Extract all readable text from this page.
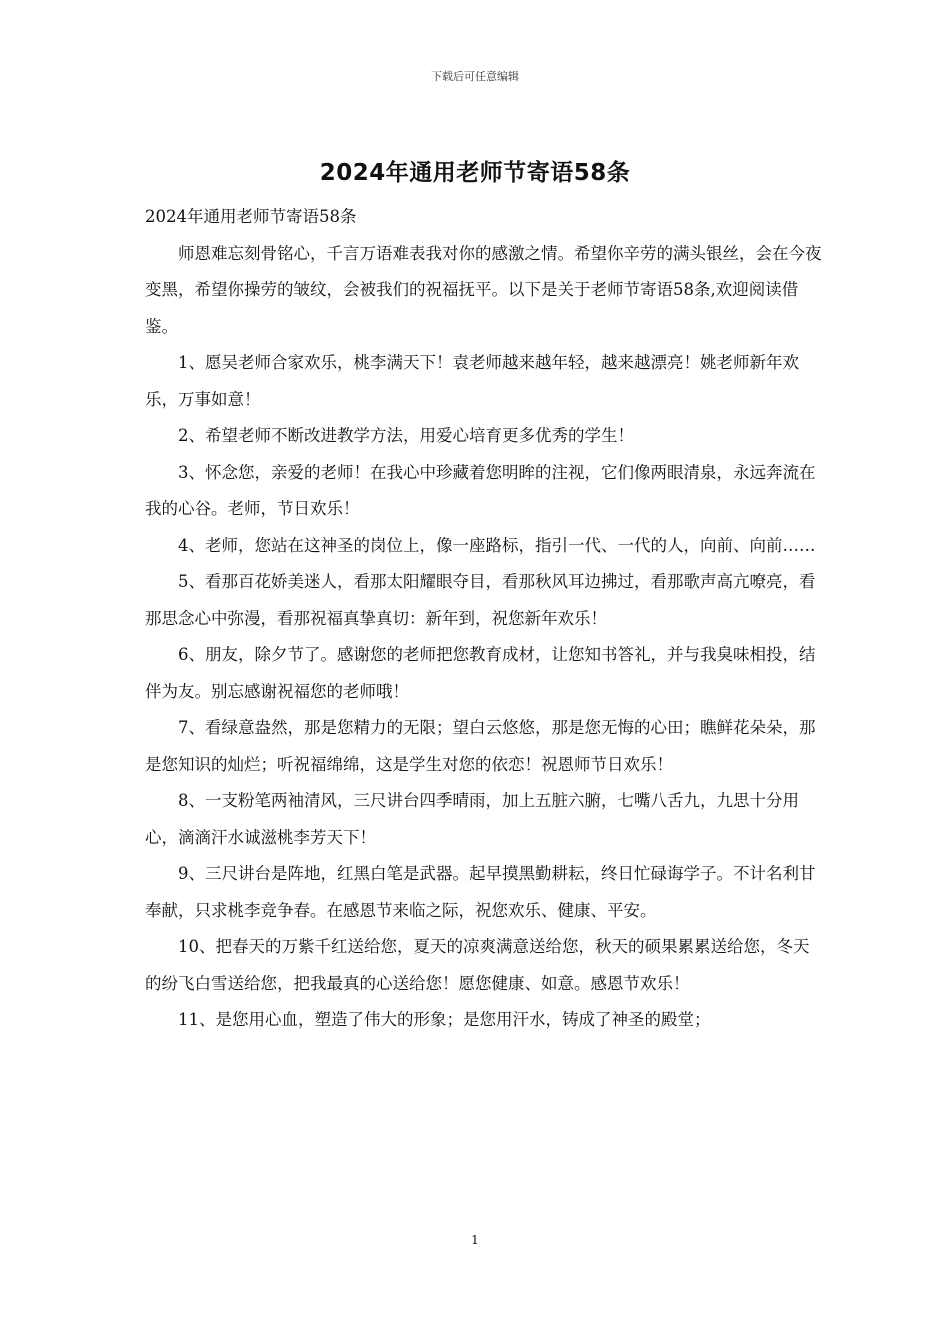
下载后可任意编辑
2024年通用老师节寄语58条

2024年通用老师节寄语58条

师恩难忘刻骨铭心，千言万语难表我对你的感激之情。希望你辛劳的满头银丝，会在今夜变黑，希望你操劳的皱纹，会被我们的祝福抚平。以下是关于老师节寄语58条,欢迎阅读借鉴。

1、愿吴老师合家欢乐，桃李满天下！袁老师越来越年轻，越来越漂亮！姚老师新年欢乐，万事如意！

2、希望老师不断改进教学方法，用爱心培育更多优秀的学生！

3、怀念您，亲爱的老师！在我心中珍藏着您明眸的注视，它们像两眼清泉，永远奔流在我的心谷。老师，节日欢乐！

4、老师，您站在这神圣的岗位上，像一座路标，指引一代、一代的人，向前、向前……

5、看那百花娇美迷人，看那太阳耀眼夺目，看那秋风耳边拂过，看那歌声高亢嘹亮，看那思念心中弥漫，看那祝福真挚真切：新年到，祝您新年欢乐！

6、朋友，除夕节了。感谢您的老师把您教育成材，让您知书答礼，并与我臭味相投，结伴为友。别忘感谢祝福您的老师哦！

7、看绿意盎然，那是您精力的无限；望白云悠悠，那是您无悔的心田；瞧鲜花朵朵，那是您知识的灿烂；听祝福绵绵，这是学生对您的依恋！祝恩师节日欢乐！

8、一支粉笔两袖清风，三尺讲台四季晴雨，加上五脏六腑，七嘴八舌九，九思十分用心，滴滴汗水诚滋桃李芳天下！

9、三尺讲台是阵地，红黑白笔是武器。起早摸黑勤耕耘，终日忙碌诲学子。不计名利甘奉献，只求桃李竞争春。在感恩节来临之际，祝您欢乐、健康、平安。

10、把春天的万紫千红送给您，夏天的凉爽满意送给您，秋天的硕果累累送给您，冬天的纷飞白雪送给您，把我最真的心送给您！愿您健康、如意。感恩节欢乐！

11、是您用心血，塑造了伟大的形象；是您用汗水，铸成了神圣的殿堂；

1
